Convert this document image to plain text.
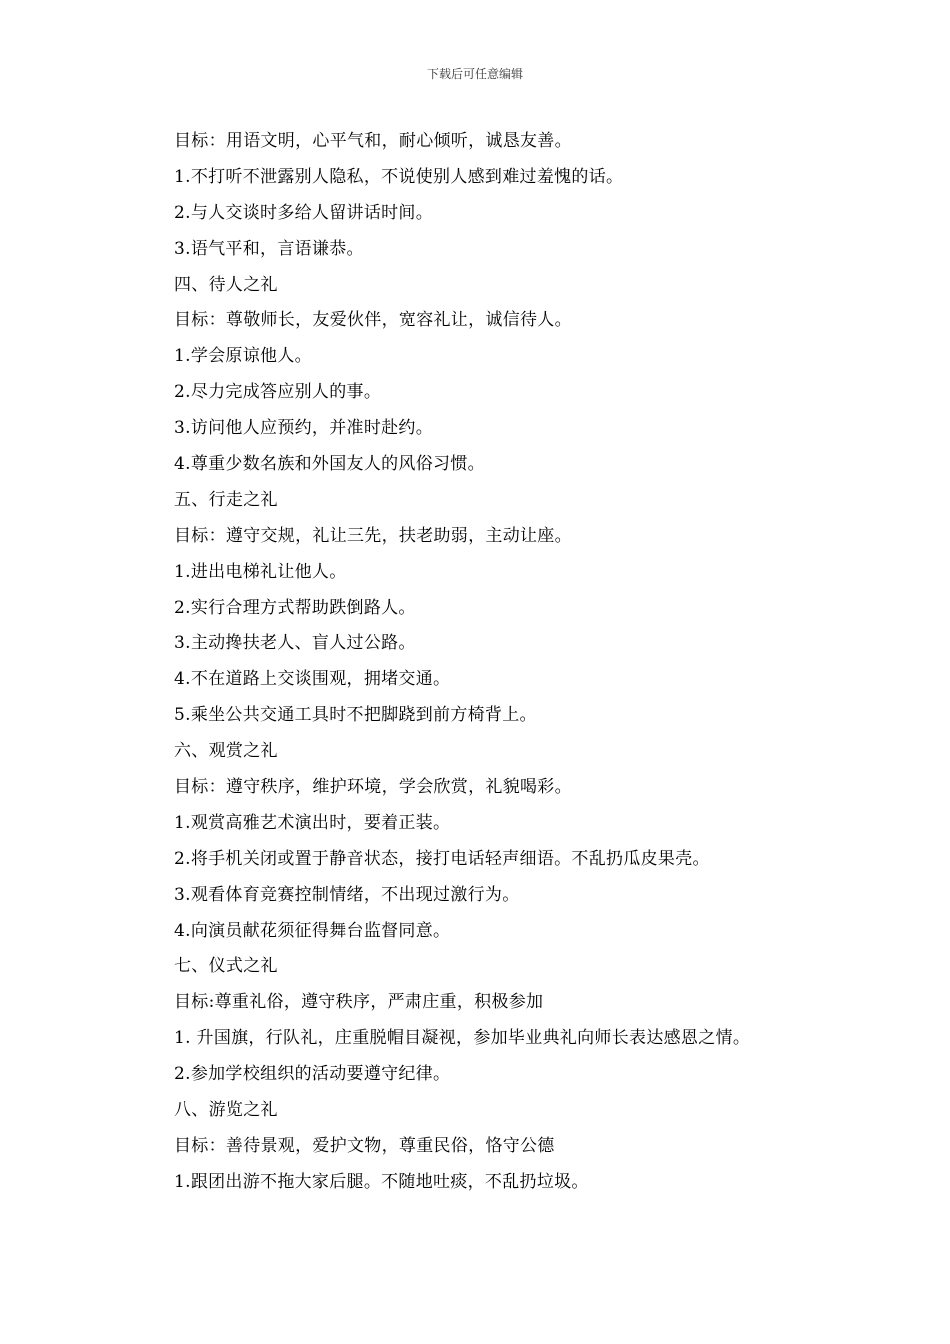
下载后可任意编辑
目标：用语文明，心平气和，耐心倾听，诚恳友善。
1.不打听不泄露别人隐私，不说使别人感到难过羞愧的话。
2.与人交谈时多给人留讲话时间。
3.语气平和，言语谦恭。
四、待人之礼
目标：尊敬师长，友爱伙伴，宽容礼让，诚信待人。
1.学会原谅他人。
2.尽力完成答应别人的事。
3.访问他人应预约，并准时赴约。
4.尊重少数名族和外国友人的风俗习惯。
五、行走之礼
目标：遵守交规，礼让三先，扶老助弱，主动让座。
1.进出电梯礼让他人。
2.实行合理方式帮助跌倒路人。
3.主动搀扶老人、盲人过公路。
4.不在道路上交谈围观，拥堵交通。
5.乘坐公共交通工具时不把脚跷到前方椅背上。
六、观赏之礼
目标：遵守秩序，维护环境，学会欣赏，礼貌喝彩。
1.观赏高雅艺术演出时，要着正装。
2.将手机关闭或置于静音状态，接打电话轻声细语。不乱扔瓜皮果壳。
3.观看体育竞赛控制情绪，不出现过激行为。
4.向演员献花须征得舞台监督同意。
七、仪式之礼
目标:尊重礼俗，遵守秩序，严肃庄重，积极参加
1. 升国旗，行队礼，庄重脱帽目凝视，参加毕业典礼向师长表达感恩之情。
2.参加学校组织的活动要遵守纪律。
八、游览之礼
目标：善待景观，爱护文物，尊重民俗，恪守公德
1.跟团出游不拖大家后腿。不随地吐痰，不乱扔垃圾。
